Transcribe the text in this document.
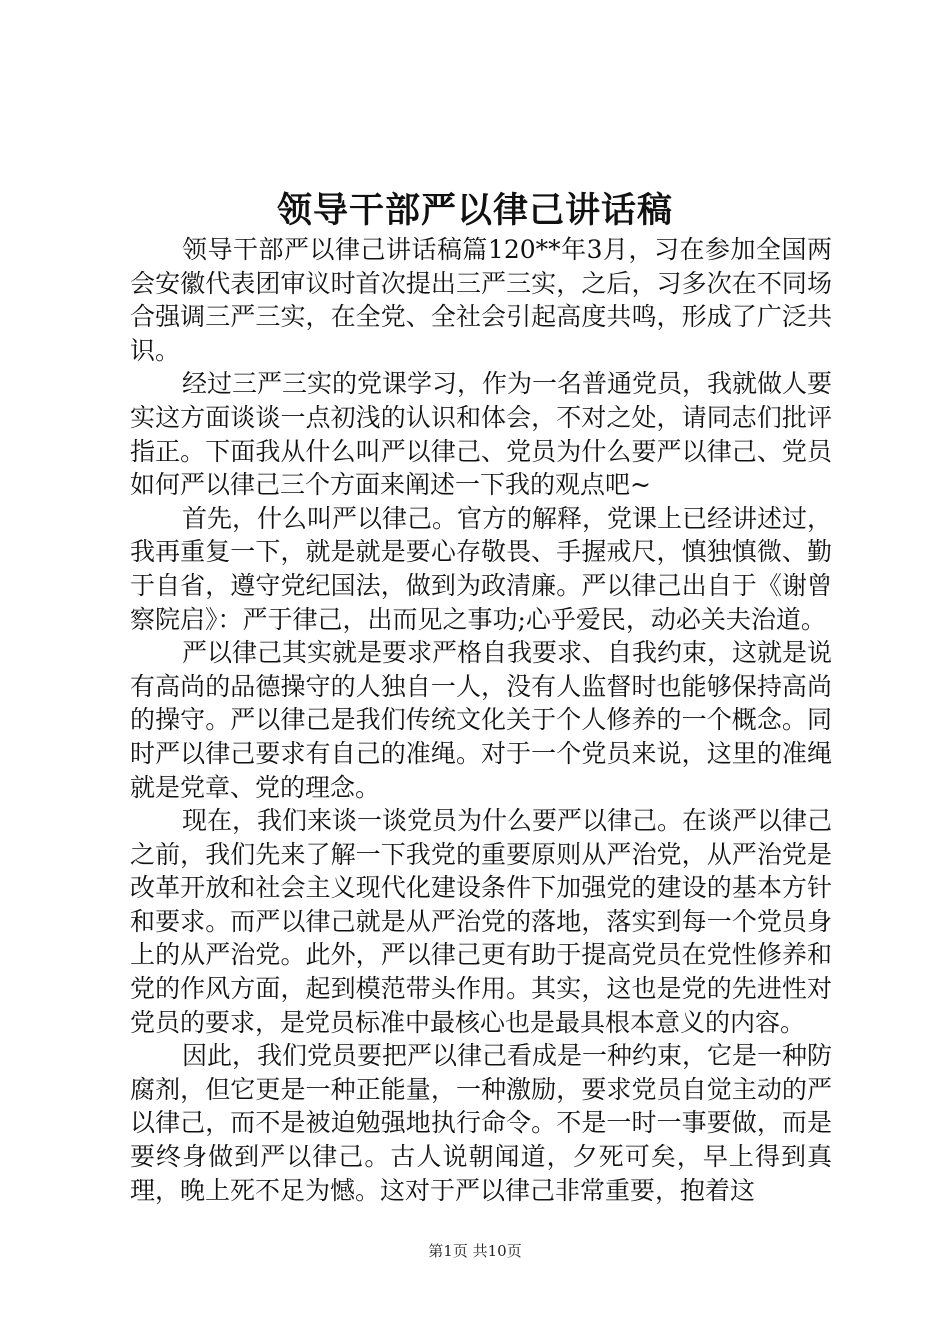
领导干部严以律己讲话稿

领导干部严以律己讲话稿篇120**年3月，习在参加全国两会安徽代表团审议时首次提出三严三实，之后，习多次在不同场合强调三严三实，在全党、全社会引起高度共鸣，形成了广泛共识。

经过三严三实的党课学习，作为一名普通党员，我就做人要实这方面谈谈一点初浅的认识和体会，不对之处，请同志们批评指正。下面我从什么叫严以律己、党员为什么要严以律己、党员如何严以律己三个方面来阐述一下我的观点吧~

首先，什么叫严以律己。官方的解释，党课上已经讲述过，我再重复一下，就是就是要心存敬畏、手握戒尺，慎独慎微、勤于自省，遵守党纪国法，做到为政清廉。严以律己出自于《谢曾察院启》：严于律己，出而见之事功;心乎爱民，动必关夫治道。

严以律己其实就是要求严格自我要求、自我约束，这就是说有高尚的品德操守的人独自一人，没有人监督时也能够保持高尚的操守。严以律己是我们传统文化关于个人修养的一个概念。同时严以律己要求有自己的准绳。对于一个党员来说，这里的准绳就是党章、党的理念。

现在，我们来谈一谈党员为什么要严以律己。在谈严以律己之前，我们先来了解一下我党的重要原则从严治党，从严治党是改革开放和社会主义现代化建设条件下加强党的建设的基本方针和要求。而严以律己就是从严治党的落地，落实到每一个党员身上的从严治党。此外，严以律己更有助于提高党员在党性修养和党的作风方面，起到模范带头作用。其实，这也是党的先进性对党员的要求，是党员标准中最核心也是最具根本意义的内容。

因此，我们党员要把严以律己看成是一种约束，它是一种防腐剂，但它更是一种正能量，一种激励，要求党员自觉主动的严以律己，而不是被迫勉强地执行命令。不是一时一事要做，而是要终身做到严以律己。古人说朝闻道，夕死可矣，早上得到真理，晚上死不足为憾。这对于严以律己非常重要，抱着这

第1页 共10页
